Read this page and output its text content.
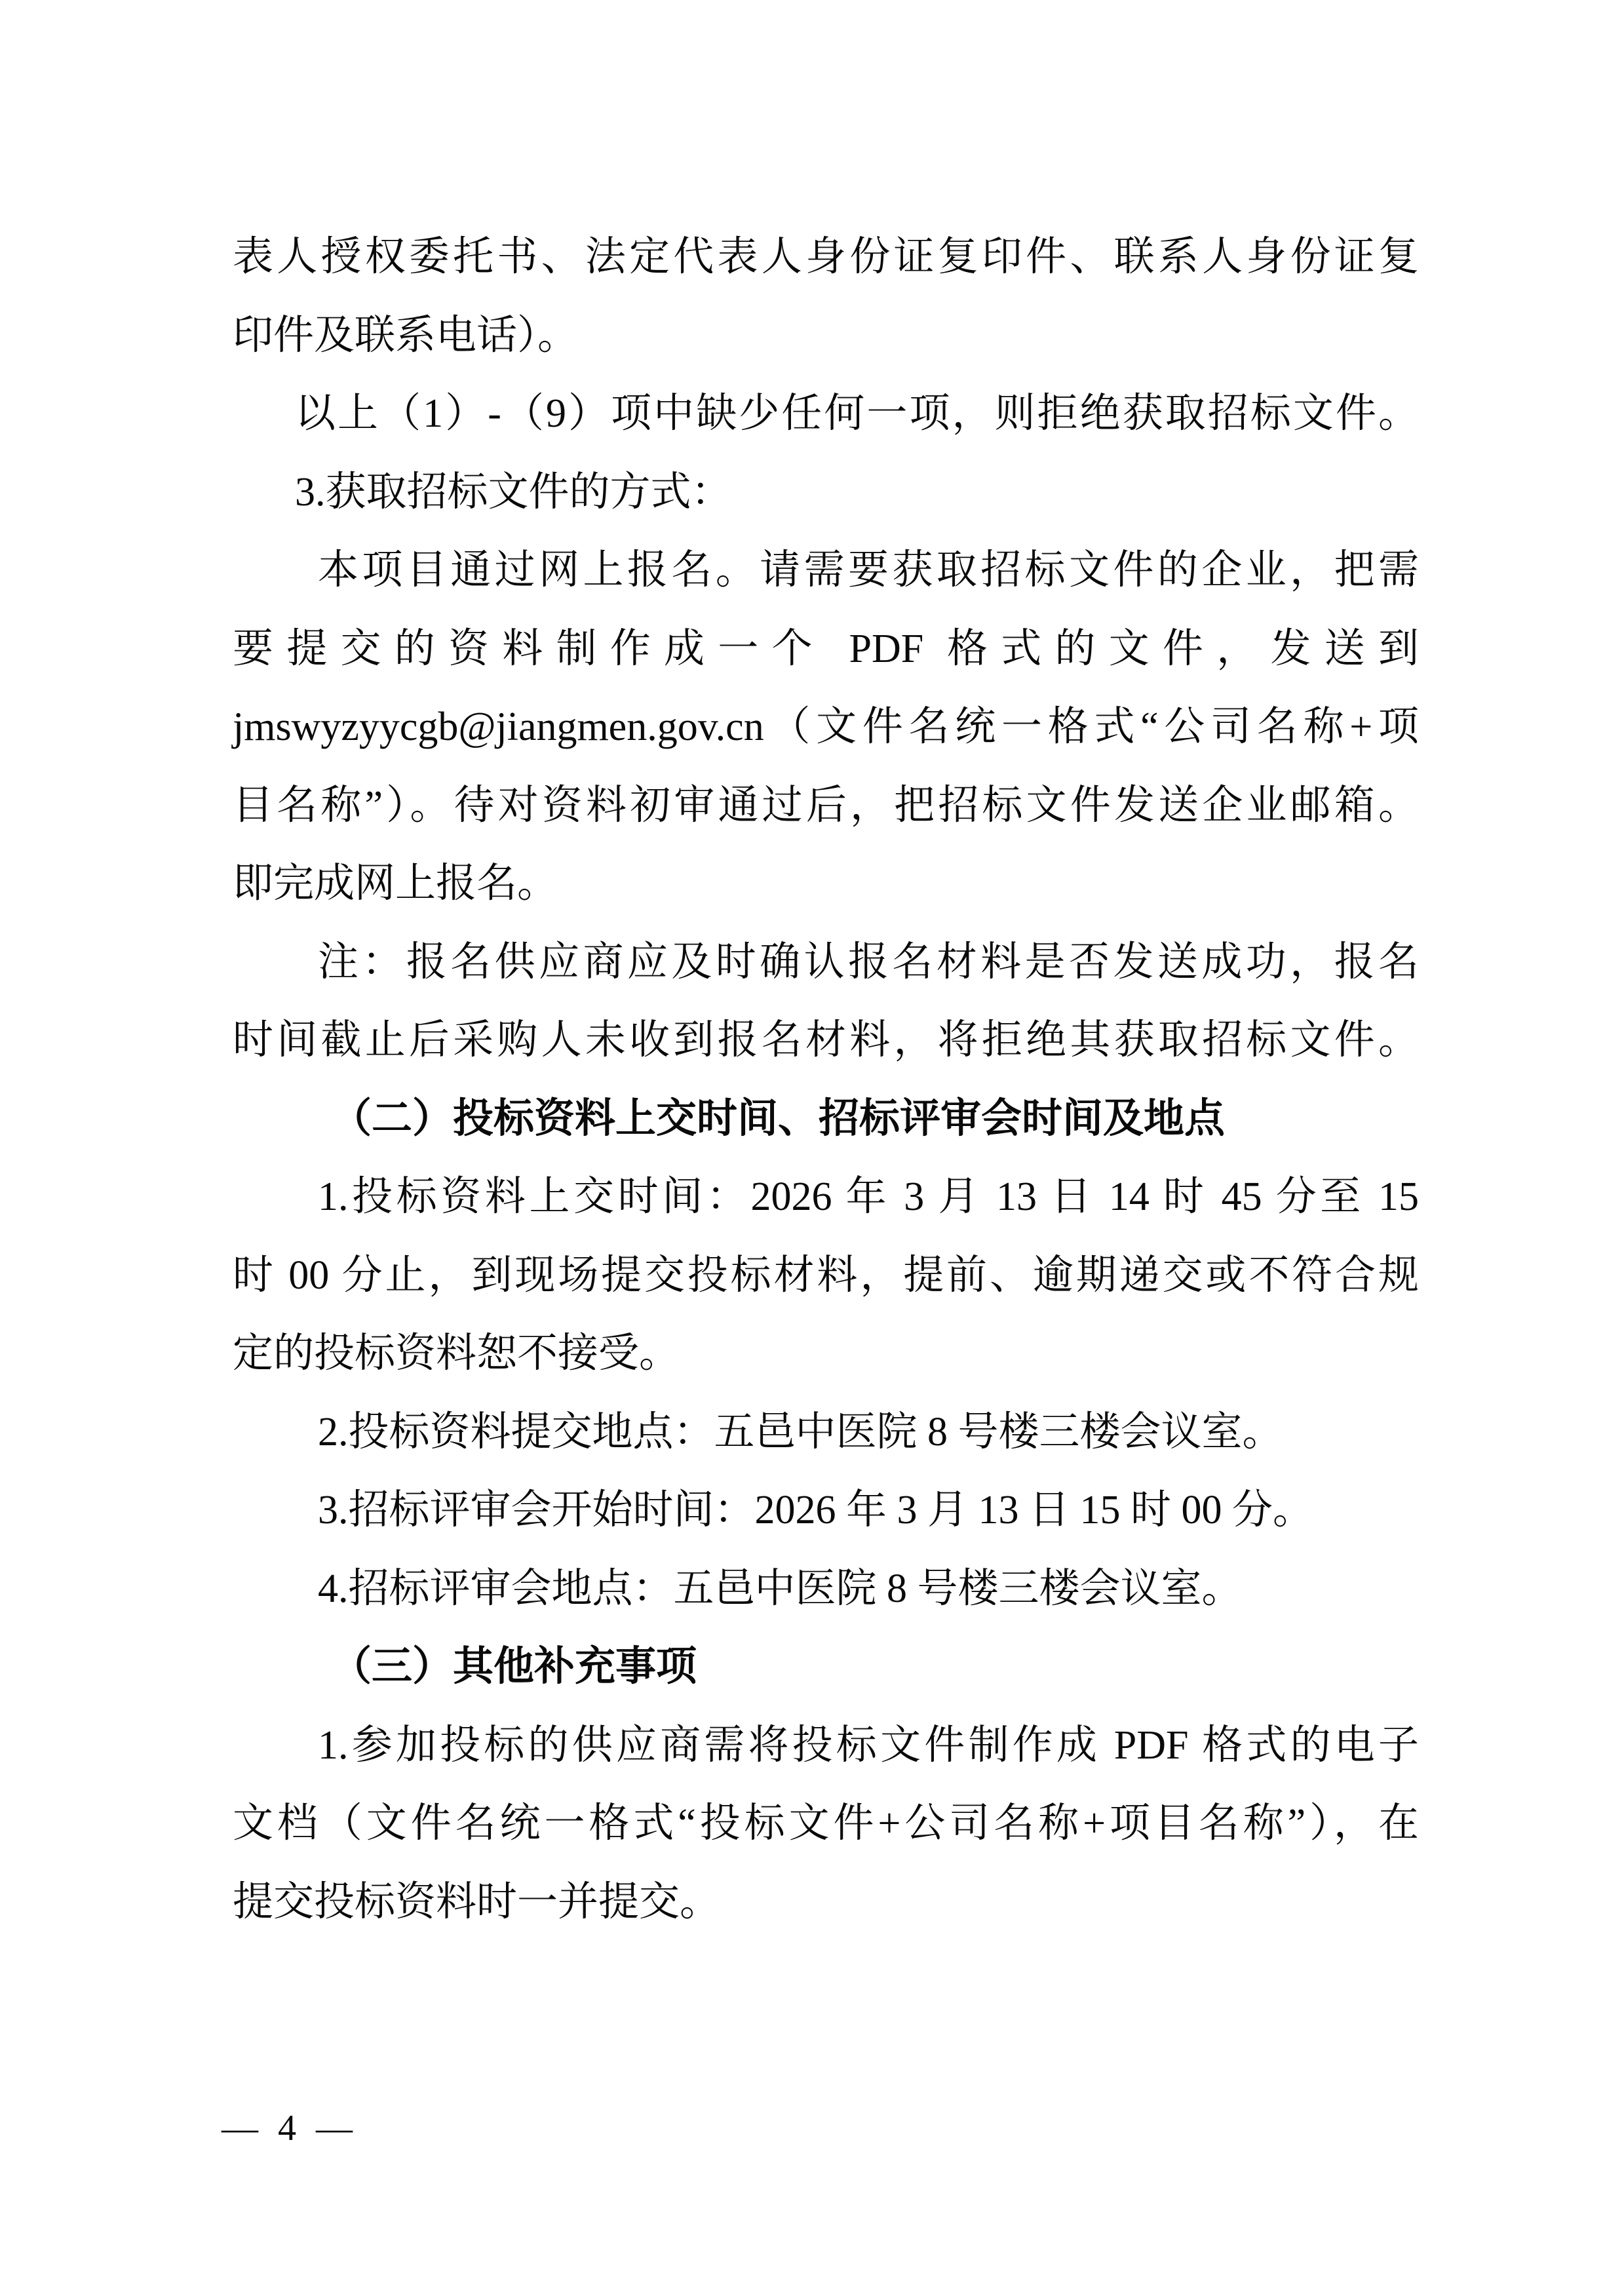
表人授权委托书、法定代表人身份证复印件、联系人身份证复
印件及联系电话）。
以上（1）-（9）项中缺少任何一项，则拒绝获取招标文件。
3.获取招标文件的方式：
本项目通过网上报名。请需要获取招标文件的企业，把需
要提交的资料制作成一个 PDF 格式的文件，发送到
jmswyzyycgb@jiangmen.gov.cn（文件名统一格式“公司名称+项
目名称”）。待对资料初审通过后，把招标文件发送企业邮箱。
即完成网上报名。
注：报名供应商应及时确认报名材料是否发送成功，报名
时间截止后采购人未收到报名材料，将拒绝其获取招标文件。
（二）投标资料上交时间、招标评审会时间及地点
1.投标资料上交时间：2026 年 3 月 13 日 14 时 45 分至 15
时 00 分止，到现场提交投标材料，提前、逾期递交或不符合规
定的投标资料恕不接受。
2.投标资料提交地点：五邑中医院 8 号楼三楼会议室。
3.招标评审会开始时间：2026 年 3 月 13 日 15 时 00 分。
4.招标评审会地点：五邑中医院 8 号楼三楼会议室。
（三）其他补充事项
1.参加投标的供应商需将投标文件制作成 PDF 格式的电子
文档（文件名统一格式“投标文件+公司名称+项目名称”），在
提交投标资料时一并提交。
— 4 —
